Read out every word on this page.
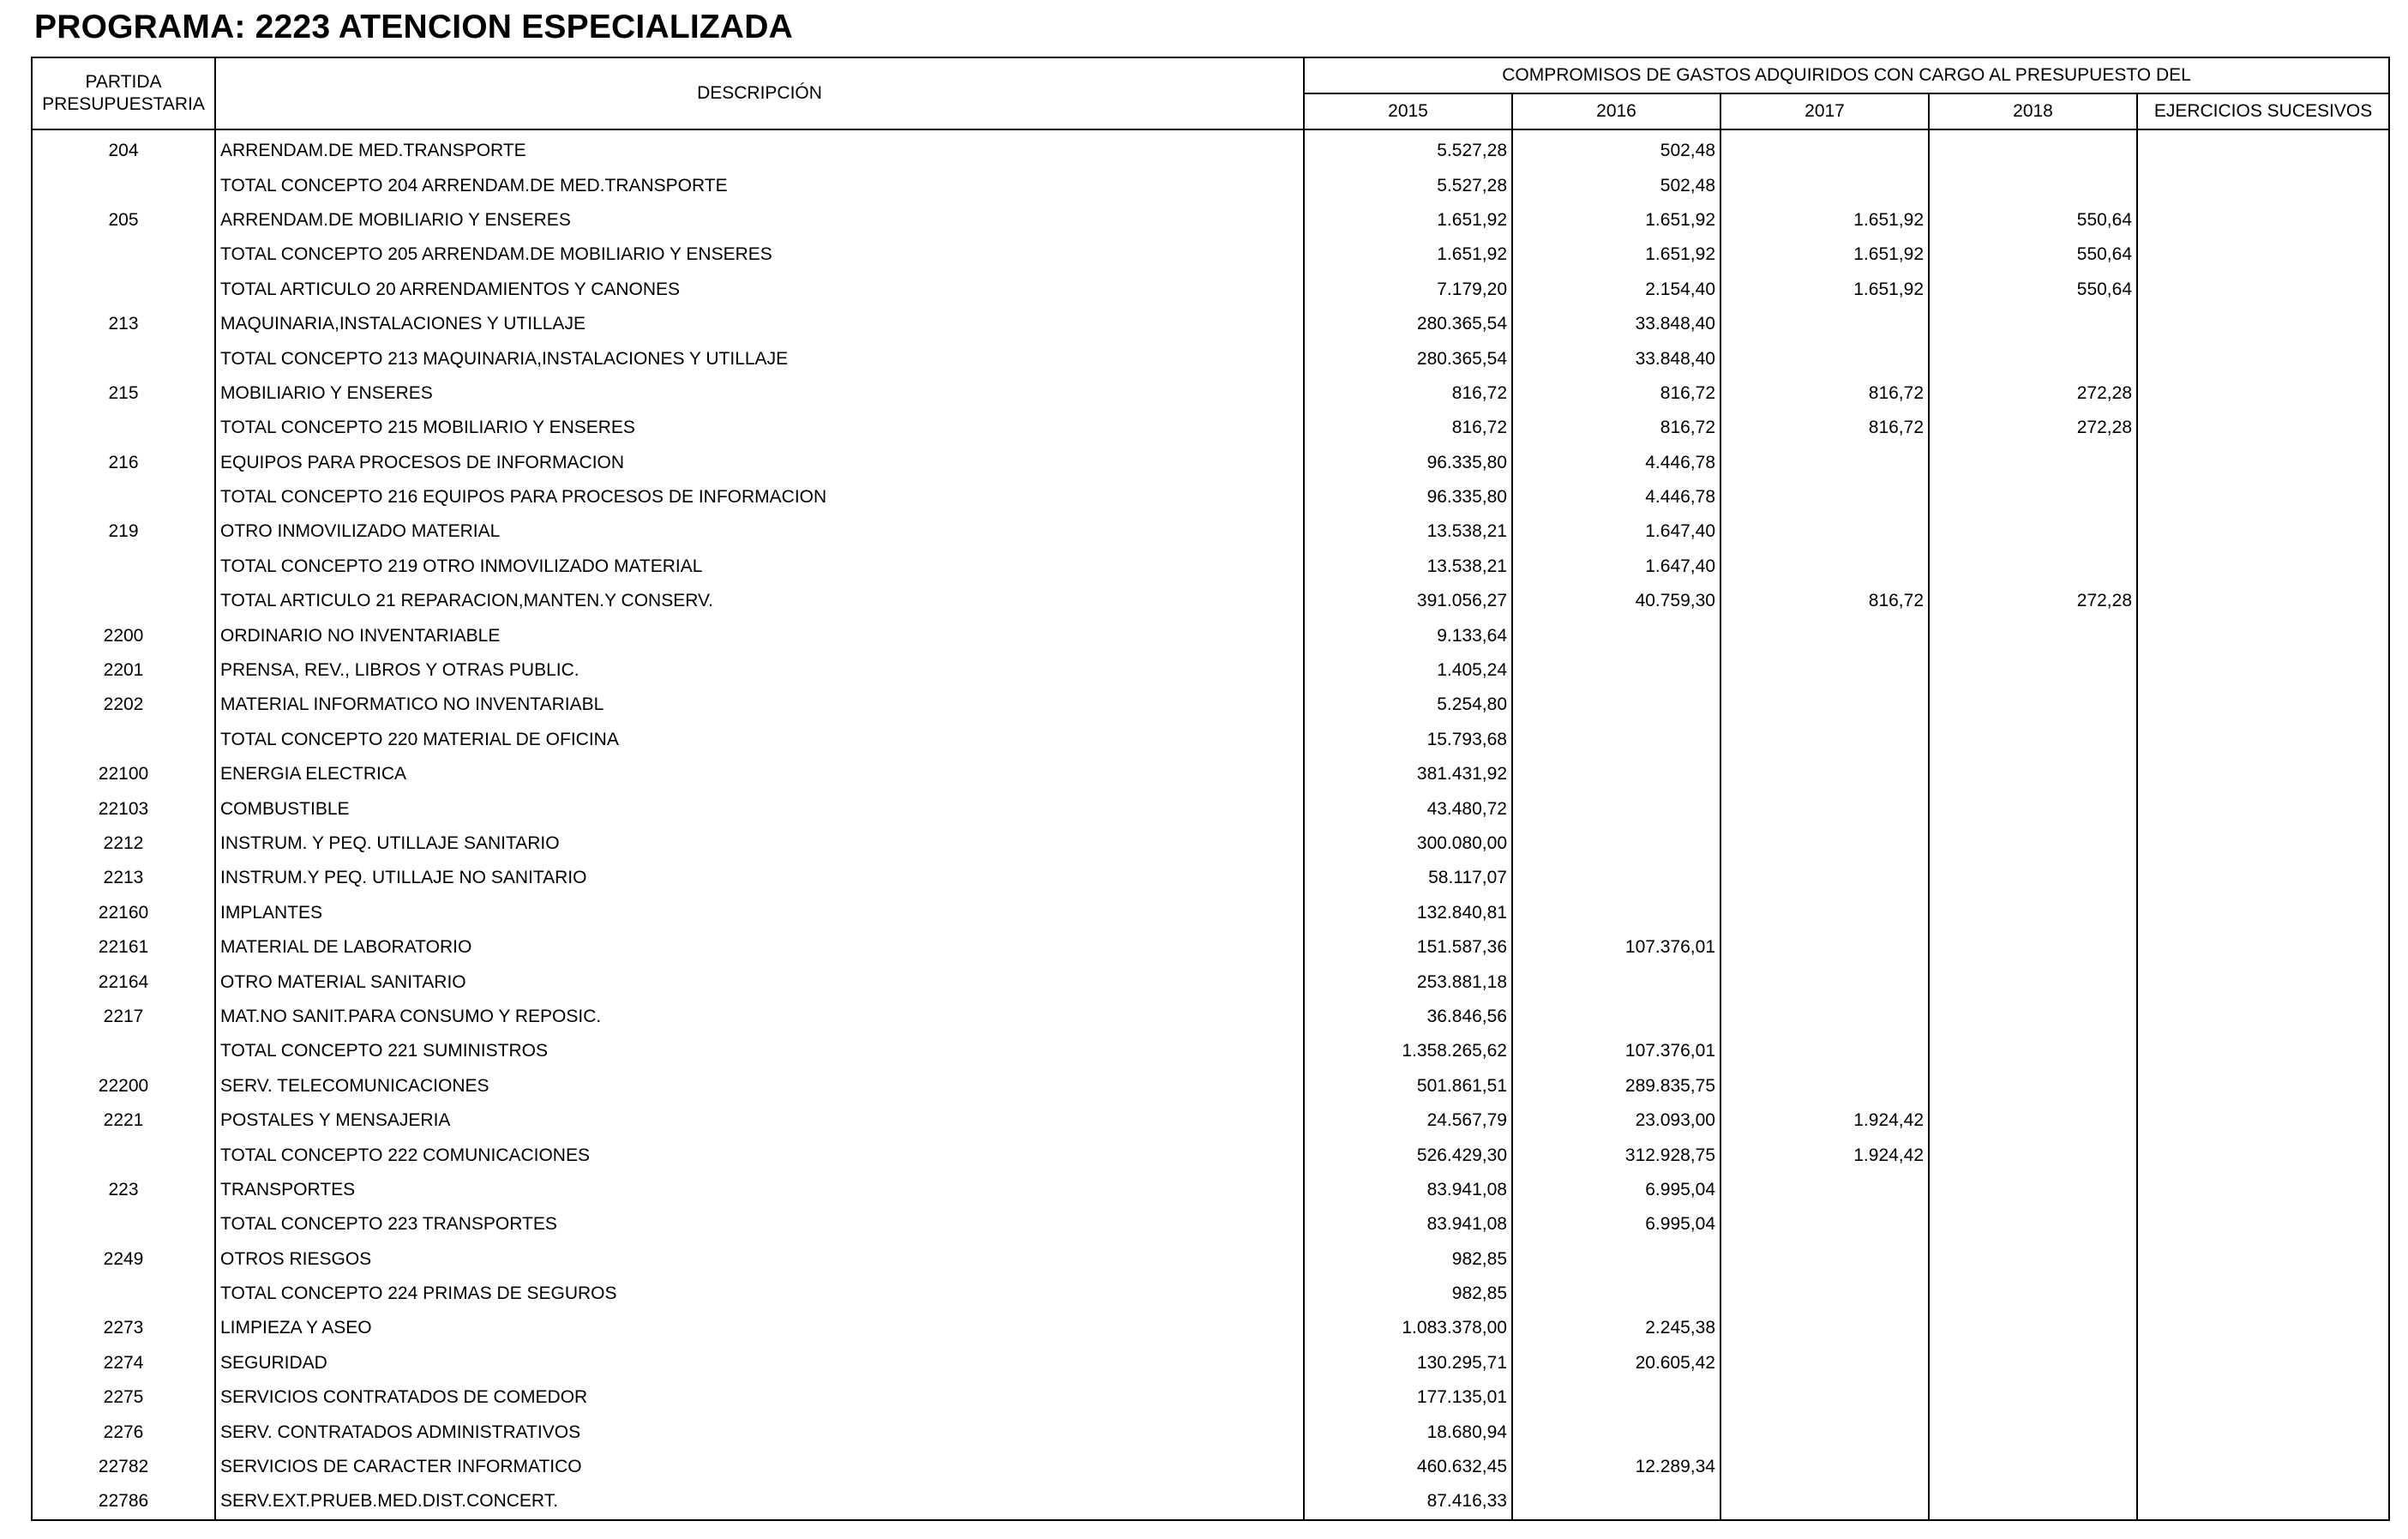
PROGRAMA: 2223 ATENCION ESPECIALIZADA
PARTIDA PRESUPUESTARIA	DESCRIPCIÓN	COMPROMISOS DE GASTOS ADQUIRIDOS CON CARGO AL PRESUPUESTO DEL				
		2015	2016	2017	2018	EJERCICIOS SUCESIVOS
204	ARRENDAM.DE MED.TRANSPORTE	5.527,28	502,48			
	TOTAL CONCEPTO 204 ARRENDAM.DE MED.TRANSPORTE	5.527,28	502,48			
205	ARRENDAM.DE MOBILIARIO Y ENSERES	1.651,92	1.651,92	1.651,92	550,64	
	TOTAL CONCEPTO 205 ARRENDAM.DE MOBILIARIO Y ENSERES	1.651,92	1.651,92	1.651,92	550,64	
	TOTAL ARTICULO 20 ARRENDAMIENTOS Y CANONES	7.179,20	2.154,40	1.651,92	550,64	
213	MAQUINARIA,INSTALACIONES Y UTILLAJE	280.365,54	33.848,40			
	TOTAL CONCEPTO 213 MAQUINARIA,INSTALACIONES Y UTILLAJE	280.365,54	33.848,40			
215	MOBILIARIO Y ENSERES	816,72	816,72	816,72	272,28	
	TOTAL CONCEPTO 215 MOBILIARIO Y ENSERES	816,72	816,72	816,72	272,28	
216	EQUIPOS PARA PROCESOS DE INFORMACION	96.335,80	4.446,78			
	TOTAL CONCEPTO 216 EQUIPOS PARA PROCESOS DE INFORMACION	96.335,80	4.446,78			
219	OTRO INMOVILIZADO MATERIAL	13.538,21	1.647,40			
	TOTAL CONCEPTO 219 OTRO INMOVILIZADO MATERIAL	13.538,21	1.647,40			
	TOTAL ARTICULO 21 REPARACION,MANTEN.Y CONSERV.	391.056,27	40.759,30	816,72	272,28	
2200	ORDINARIO NO INVENTARIABLE	9.133,64				
2201	PRENSA, REV., LIBROS Y OTRAS PUBLIC.	1.405,24				
2202	MATERIAL INFORMATICO NO INVENTARIABL	5.254,80				
	TOTAL CONCEPTO 220 MATERIAL DE OFICINA	15.793,68				
22100	ENERGIA ELECTRICA	381.431,92				
22103	COMBUSTIBLE	43.480,72				
2212	INSTRUM. Y PEQ. UTILLAJE SANITARIO	300.080,00				
2213	INSTRUM.Y PEQ. UTILLAJE NO SANITARIO	58.117,07				
22160	IMPLANTES	132.840,81				
22161	MATERIAL DE LABORATORIO	151.587,36	107.376,01			
22164	OTRO MATERIAL SANITARIO	253.881,18				
2217	MAT.NO SANIT.PARA CONSUMO Y REPOSIC.	36.846,56				
	TOTAL CONCEPTO 221 SUMINISTROS	1.358.265,62	107.376,01			
22200	SERV. TELECOMUNICACIONES	501.861,51	289.835,75			
2221	POSTALES Y MENSAJERIA	24.567,79	23.093,00	1.924,42		
	TOTAL CONCEPTO 222 COMUNICACIONES	526.429,30	312.928,75	1.924,42		
223	TRANSPORTES	83.941,08	6.995,04			
	TOTAL CONCEPTO 223 TRANSPORTES	83.941,08	6.995,04			
2249	OTROS RIESGOS	982,85				
	TOTAL CONCEPTO 224 PRIMAS DE SEGUROS	982,85				
2273	LIMPIEZA Y ASEO	1.083.378,00	2.245,38			
2274	SEGURIDAD	130.295,71	20.605,42			
2275	SERVICIOS CONTRATADOS DE COMEDOR	177.135,01				
2276	SERV. CONTRATADOS ADMINISTRATIVOS	18.680,94				
22782	SERVICIOS DE CARACTER INFORMATICO	460.632,45	12.289,34			
22786	SERV.EXT.PRUEB.MED.DIST.CONCERT.	87.416,33				
